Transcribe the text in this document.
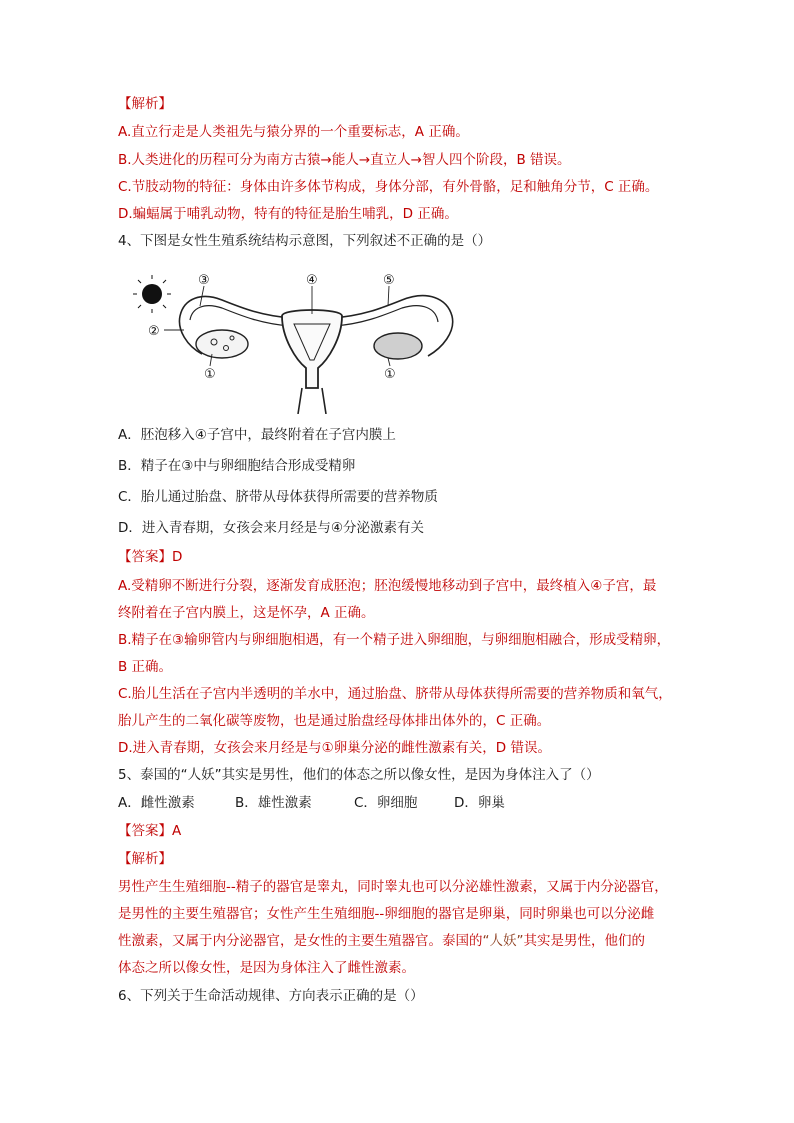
【解析】
A.直立行走是人类祖先与猿分界的一个重要标志，A 正确。
B.人类进化的历程可分为南方古猿→能人→直立人→智人四个阶段，B 错误。
C.节肢动物的特征：身体由许多体节构成，身体分部，有外骨骼，足和触角分节，C 正确。
D.蝙蝠属于哺乳动物，特有的特征是胎生哺乳，D 正确。
4、下图是女性生殖系统结构示意图，下列叙述不正确的是（）
③	④	⑤
②
①	①
A．胚泡移入④子宫中，最终附着在子宫内膜上
B．精子在③中与卵细胞结合形成受精卵
C．胎儿通过胎盘、脐带从母体获得所需要的营养物质
D．进入青春期，女孩会来月经是与④分泌激素有关
【答案】D
A.受精卵不断进行分裂，逐渐发育成胚泡；胚泡缓慢地移动到子宫中，最终植入④子宫，最
终附着在子宫内膜上，这是怀孕，A 正确。
B.精子在③输卵管内与卵细胞相遇，有一个精子进入卵细胞，与卵细胞相融合，形成受精卵，
B 正确。
C.胎儿生活在子宫内半透明的羊水中，通过胎盘、脐带从母体获得所需要的营养物质和氧气，
胎儿产生的二氧化碳等废物，也是通过胎盘经母体排出体外的，C 正确。
D.进入青春期，女孩会来月经是与①卵巢分泌的雌性激素有关，D 错误。
5、泰国的“人妖”其实是男性，他们的体态之所以像女性，是因为身体注入了（）
A．雌性激素	B．雄性激素	C．卵细胞	D．卵巢
【答案】A
【解析】
男性产生生殖细胞--精子的器官是睾丸，同时睾丸也可以分泌雄性激素，又属于内分泌器官，
是男性的主要生殖器官；女性产生生殖细胞--卵细胞的器官是卵巢，同时卵巢也可以分泌雌
性激素，又属于内分泌器官，是女性的主要生殖器官。泰国的“人妖”其实是男性，他们的
体态之所以像女性，是因为身体注入了雌性激素。
6、下列关于生命活动规律、方向表示正确的是（）
